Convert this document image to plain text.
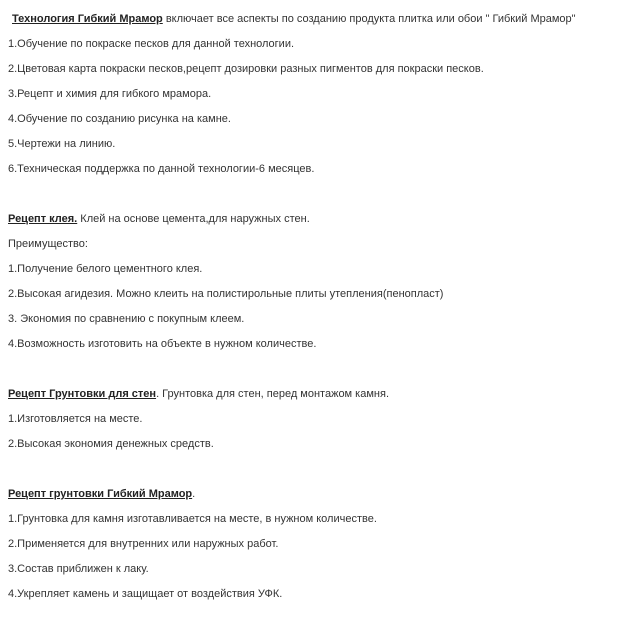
Технология Гибкий Мрамор включает все аспекты по созданию продукта плитка или обои " Гибкий Мрамор"
1.Обучение по покраске песков для данной технологии.
2.Цветовая карта покраски песков,рецепт дозировки разных пигментов для покраски песков.
3.Рецепт и химия для гибкого мрамора.
4.Обучение по созданию рисунка на камне.
5.Чертежи на линию.
6.Техническая поддержка по данной технологии-6 месяцев.
Рецепт клея. Клей на основе цемента,для наружных стен.
Преимущество:
1.Получение белого цементного клея.
2.Высокая агидезия. Можно клеить на полистирольные плиты утепления(пенопласт)
3. Экономия по сравнению с покупным клеем.
4.Возможность изготовить на объекте в нужном количестве.
Рецепт Грунтовки для стен. Грунтовка для стен, перед монтажом камня.
1.Изготовляется на месте.
2.Высокая экономия денежных средств.
Рецепт грунтовки Гибкий Мрамор.
1.Грунтовка для камня изготавливается на месте, в нужном количестве.
2.Применяется для внутренних или наружных работ.
3.Состав приближен к лаку.
4.Укрепляет камень и защищает от воздействия УФК.
